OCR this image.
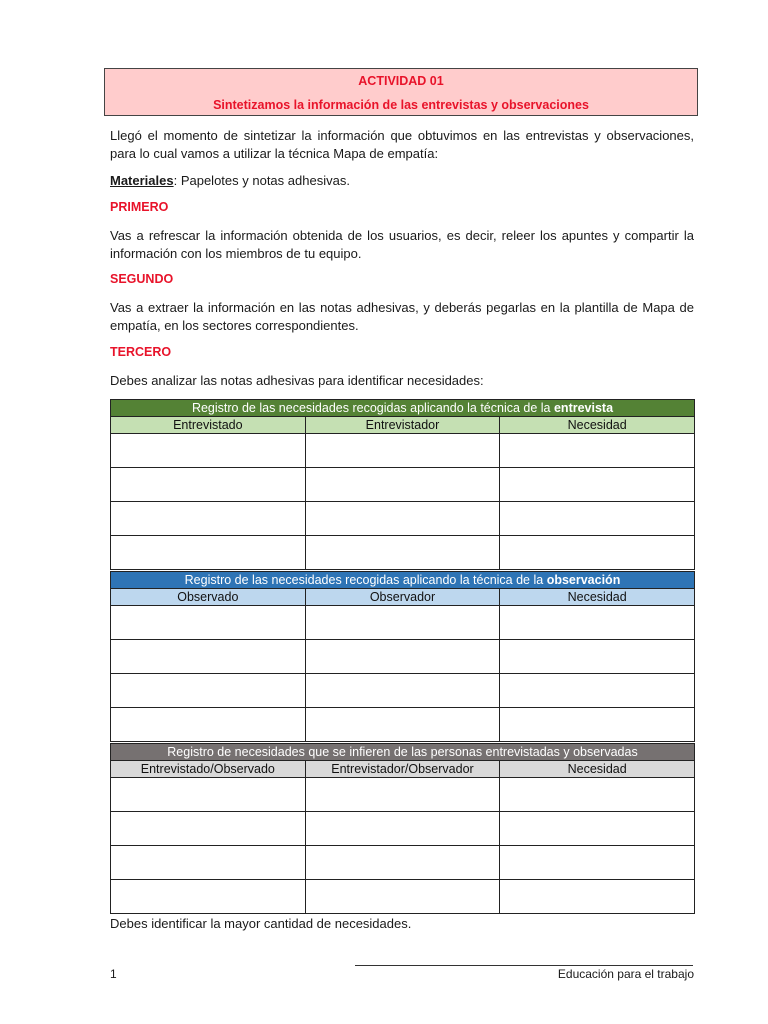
ACTIVIDAD 01
Sintetizamos la información de las entrevistas y observaciones
Llegó el momento de sintetizar la información que obtuvimos en las entrevistas y observaciones, para lo cual vamos a utilizar la técnica Mapa de empatía:
Materiales: Papelotes y notas adhesivas.
PRIMERO
Vas a refrescar la información obtenida de los usuarios, es decir, releer los apuntes y compartir la información con los miembros de tu equipo.
SEGUNDO
Vas a extraer la información en las notas adhesivas, y deberás pegarlas en la plantilla de Mapa de empatía, en los sectores correspondientes.
TERCERO
Debes analizar las notas adhesivas para identificar necesidades:
Registro de las necesidades recogidas aplicando la técnica de la entrevista		
Entrevistado	Entrevistador	Necesidad

Registro de las necesidades recogidas aplicando la técnica de la observación		
Observado	Observador	Necesidad

Registro de necesidades que se infieren de las personas entrevistadas y observadas		
Entrevistado/Observado	Entrevistador/Observador	Necesidad

Debes identificar la mayor cantidad de necesidades.
1	Educación para el trabajo
